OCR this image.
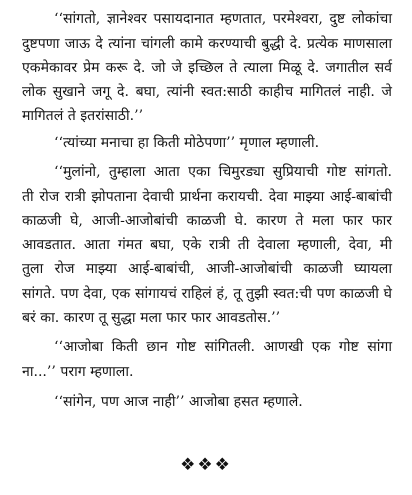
‘‘सांगतो, ज्ञानेश्वर पसायदानात म्हणतात, परमेश्वरा, दुष्ट लोकांचा
दुष्टपणा जाऊ दे त्यांना चांगली कामे करण्याची बुद्धी दे. प्रत्येक माणसाला
एकमेकावर प्रेम करू दे. जो जे इच्छिल ते त्याला मिळू दे. जगातील सर्व
लोक सुखाने जगू दे. बघा, त्यांनी स्वत:साठी काहीच मागितलं नाही. जे
मागितलं ते इतरांसाठी.’’
‘‘त्यांच्या मनाचा हा किती मोठेपणा’’ मृणाल म्हणाली.
‘‘मुलांनो, तुम्हाला आता एका चिमुरड्या सुप्रियाची गोष्ट सांगतो.
ती रोज रात्री झोपताना देवाची प्रार्थना करायची. देवा माझ्या आई-बाबांची
काळजी घे, आजी-आजोबांची काळजी घे. कारण ते मला फार फार
आवडतात. आता गंमत बघा, एके रात्री ती देवाला म्हणाली, देवा, मी
तुला रोज माझ्या आई-बाबांची, आजी-आजोबांची काळजी घ्यायला
सांगते. पण देवा, एक सांगायचं राहिलं हं, तू तुझी स्वत:ची पण काळजी घे
बरं का. कारण तू सुद्धा मला फार फार आवडतोस.’’
‘‘आजोबा किती छान गोष्ट सांगितली. आणखी एक गोष्ट सांगा
ना...’’ पराग म्हणाला.
‘‘सांगेन, पण आज नाही’’ आजोबा हसत म्हणाले.
❖❖❖
